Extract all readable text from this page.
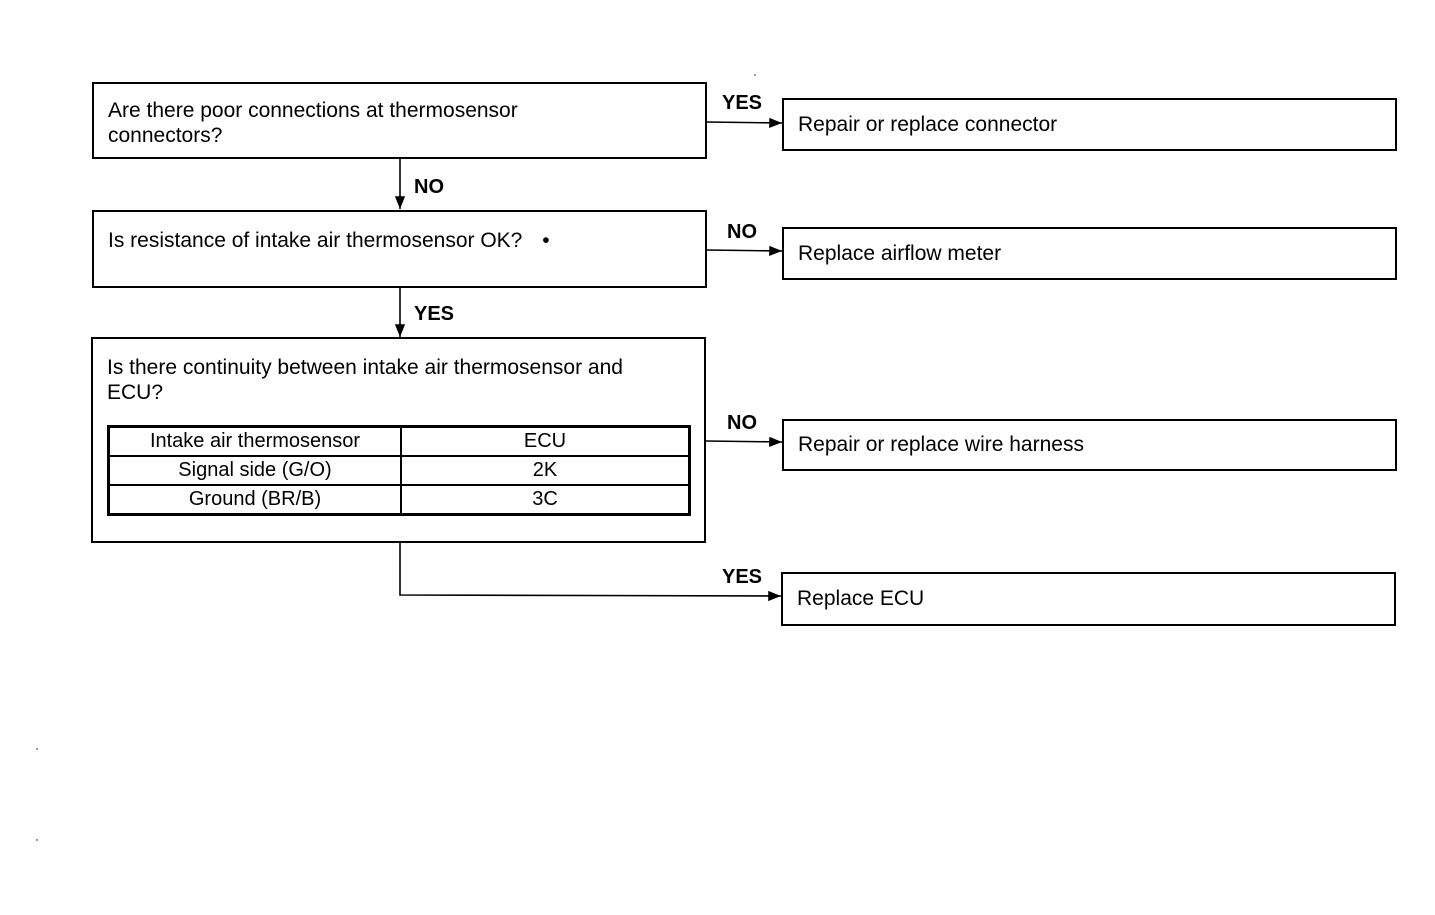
Are there poor connections at thermosensor connectors?
Is resistance of intake air thermosensor OK? •
Is there continuity between intake air thermosensor and ECU?
Intake air thermosensor	ECU
Signal side (G/O)	2K
Ground (BR/B)	3C
Repair or replace connector
Replace airflow meter
Repair or replace wire harness
Replace ECU
YES
NO
NO
YES
NO
YES
